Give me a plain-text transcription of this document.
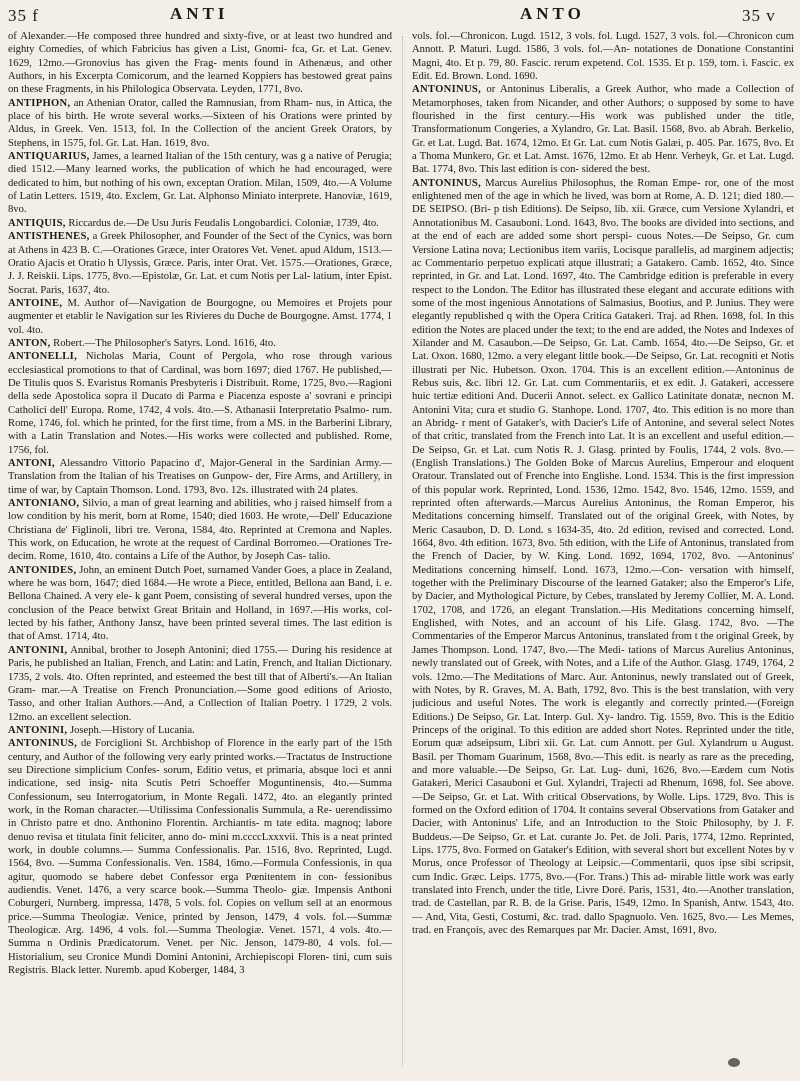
35 f	ANTI	ANTO	35 v

of Alexander.—He composed three hundred and sixty-five, or at least two hundred and eighty Comedies, of which Fabricius has given a List, Gnomi- fca, Gr. et Lat. Genev. 1629, 12mo.—Gronovius has given the Frag- ments found in Athenæus, and other Authors, in his Excerpta Comicorum, and the learned Koppiers has bestowed great pains on these Fragments, in his Philologica Observata. Leyden, 1771, 8vo.

ANTIPHON, an Athenian Orator, called the Ramnusian, from Rham- nus, in Attica, the place of his birth. He wrote several works.—Sixteen of his Orations were printed by Aldus, in Greek. Ven. 1513, fol. In the Collection of the ancient Greek Orators, by Stephens, in 1575, fol. Gr. Lat. Han. 1619, 8vo.

ANTIQUARIUS, James, a learned Italian of the 15th century, was g a native of Perugia; died 1512.—Many learned works, the publication of which he had encouraged, were dedicated to him, but nothing of his own, exceptan Oration. Milan, 1509, 4to.—A Volume of Latin Letters. 1519, 4to. Exclem, Gr. Lat. Alphonso Miniato interprete. Hanoviæ, 1619, 8vo.

ANTIQUIS, Riccardus de.—De Usu Juris Feudalis Longobardici. Coloniæ, 1739, 4to.

ANTISTHENES, a Greek Philosopher, and Founder of the Sect of the Cynics, was born at Athens in 423 B. C.—Orationes Græce, inter Oratores Vet. Venet. apud Aldum, 1513.—Oratio Ajacis et Oratio h Ulyssis, Græce. Paris, inter Orat. Vet. 1575.—Orationes, Græce, J. J. Reiskii. Lips. 1775, 8vo.—Epistolæ, Gr. Lat. et cum Notis per Lal- latium, inter Epist. Socrat. Paris, 1637, 4to.

ANTOINE, M. Author of—Navigation de Bourgogne, ou Memoires et Projets pour augmenter et etablir le Navigation sur les Rivieres du Duche de Bourgogne. Amst. 1774, 1 vol. 4to.

ANTON, Robert.—The Philosopher's Satyrs. Lond. 1616, 4to.

ANTONELLI, Nicholas Maria, Count of Pergola, who rose through various ecclesiastical promotions to that of Cardinal, was born 1697; died 1767. He published,—De Titulis quos S. Evaristus Romanis Presbyteris i Distribuit. Rome, 1725, 8vo.—Ragioni della sede Apostolica sopra il Ducato di Parma e Piacenza esposte a' sovrani e principi Catholici dell' Europa. Rome, 1742, 4 vols. 4to.—S. Athanasii Interpretatio Psalmo- rum. Rome, 1746, fol. which he printed, for the first time, from a MS. in the Barberini Library, with a Latin Translation and Notes.—His works were collected and published. Rome, 1756, fol.

ANTONI, Alessandro Vittorio Papacino d', Major-General in the Sardinian Army.—Translation from the Italian of his Treatises on Gunpow- der, Fire Arms, and Artillery, in time of war, by Captain Thomson. Lond. 1793, 8vo. 12s. illustrated with 24 plates.

ANTONIANO, Silvio, a man of great learning and abilities, who j raised himself from a low condition by his merit, born at Rome, 1540; died 1603. He wrote,—Dell' Educazione Christiana de' Figlinoli, libri tre. Verona, 1584, 4to. Reprinted at Cremona and Naples. This work, on Education, he wrote at the request of Cardinal Borromeo.—Orationes Tre- decim. Rome, 1610, 4to. contains a Life of the Author, by Joseph Cas- talio.

ANTONIDES, John, an eminent Dutch Poet, surnamed Vander Goes, a place in Zealand, where he was born, 1647; died 1684.—He wrote a Piece, entitled, Bellona aan Band, i. e. Bellona Chained. A very ele- k gant Poem, consisting of several hundred verses, upon the conclusion of the Peace betwixt Great Britain and Holland, in 1697.—His works, col- lected by his father, Anthony Jansz, have been printed several times. The last edition is that of Amst. 1714, 4to.

ANTONINI, Annibal, brother to Joseph Antonini; died 1755.— During his residence at Paris, he published an Italian, French, and Latin: and Latin, French, and Italian Dictionary. 1735, 2 vols. 4to. Often reprinted, and esteemed the best till that of Alberti's.—An Italian Gram- mar.—A Treatise on French Pronunciation.—Some good editions of Ariosto, Tasso, and other Italian Authors.—And, a Collection of Italian Poetry. l 1729, 2 vols. 12mo. an excellent selection.

ANTONINI, Joseph.—History of Lucania.

ANTONINUS, de Forciglioni St. Archbishop of Florence in the early part of the 15th century, and Author of the following very early printed works.—Tractatus de Instructione seu Directione simplicium Confes- sorum, Editio vetus, et primaria, absque loci et anni indicatione, sed insig- nita Scutis Petri Schoeffer Moguntinensis, 4to.—Summa Confessionum, seu Interrogatorium, in Monte Regali. 1472, 4to. an elegantly printed work, in the Roman character.—Utilissima Confessionalis Summula, a Re- uerendissimo in Christo patre et dno. Anthonino Florentin. Archiantis- m tate edita. magnoq; labore denuo revisa et titulata finit feliciter, anno do- mini m.ccccLxxxvii. This is a neat printed work, in double columns.— Summa Confessionalis. Par. 1516, 8vo. Reprinted, Lugd. 1564, 8vo. —Summa Confessionalis. Ven. 1584, 16mo.—Formula Confessionis, in qua agitur, quomodo se habere debet Confessor erga Pœnitentem in con- fessionibus audiendis. Venet. 1476, a very scarce book.—Summa Theolo- giæ. Impensis Anthoni Coburgeri, Nurnberg. impressa, 1478, 5 vols. fol. Copies on vellum sell at an enormous price.—Summa Theologiæ. Venice, printed by Jenson, 1479, 4 vols. fol.—Summæ Theologicæ. Arg. 1496, 4 vols. fol.—Summa Theologiæ. Venet. 1571, 4 vols. 4to.—Summa n Ordinis Prædicatorum. Venet. per Nic. Jenson, 1479-80, 4 vols. fol.— Historialium, seu Cronice Mundi Domini Antonini, Archiepiscopi Floren- tini, cum suis Registris. Black letter. Nuremb. apud Koberger, 1484, 3

vols. fol.—Chronicon. Lugd. 1512, 3 vols. fol. Lugd. 1527, 3 vols. fol.—Chronicon cum Annott. P. Maturi. Lugd. 1586, 3 vols. fol.—An- notationes de Donatione Constantini Magni, 4to. Et p. 79, 80. Fascic. rerum expetend. Col. 1535. Et p. 159, tom. i. Fascic. ex Edit. Ed. Brown. Lond. 1690.

ANTONINUS, or Antoninus Liberalis, a Greek Author, who made a Collection of Metamorphoses, taken from Nicander, and other Authors; o supposed by some to have flourished in the first century.—His work was published under the title, Transformationum Congeries, a Xylandro, Gr. Lat. Basil. 1568, 8vo. ab Abrah. Berkelio, Gr. et Lat. Lugd. Bat. 1674, 12mo. Et Gr. Lat. cum Notis Galæi, p. 405. Par. 1675, 8vo. Et a Thoma Munkero, Gr. et Lat. Amst. 1676, 12mo. Et ab Henr. Verheyk, Gr. et Lat. Lugd. Bat. 1774, 8vo. This last edition is con- sidered the best.

ANTONINUS, Marcus Aurelius Philosophus, the Roman Empe- ror, one of the most enlightened men of the age in which he lived, was born at Rome, A. D. 121; died 180.—DE SEIPSO. (Bri- p tish Editions). De Seipso, lib. xii. Græce, cum Versione Xylandri, et Annotationibus M. Casauboni. Lond. 1643, 8vo. The books are divided into sections, and at the end of each are added some short perspi- cuous Notes.—De Seipso, Gr. cum Versione Latina nova; Lectionibus item variis, Locisque parallelis, ad marginem adjectis; ac Commentario perpetuo explicati atque illustrati; a Gatakero. Camb. 1652, 4to. Since reprinted, in Gr. and Lat. Lond. 1697, 4to. The Cambridge edition is preferable in every respect to the London. The Editor has illustrated these elegant and accurate editions with some of the most ingenious Annotations of Salmasius, Bootius, and P. Junius. They were elegantly republished q with the Opera Critica Gatakeri. Traj. ad Rhen. 1698, fol. In this edition the Notes are placed under the text; to the end are added, the Notes and Indexes of Xilander and M. Casaubon.—De Seipso, Gr. Lat. Camb. 1654, 4to.—De Seipso, Gr. et Lat. Oxon. 1680, 12mo. a very elegant little book.—De Seipso, Gr. Lat. recogniti et Notis illustrati per Nic. Hubetson. Oxon. 1704. This is an excellent edition.—Antoninus de Rebus suis, &c. libri 12. Gr. Lat. cum Commentariis, et ex edit. J. Gatakeri, accessere huic tertiæ editioni And. Ducerii Annot. select. ex Gallico Latinitate donatæ, necnon M. Antonini Vita; cura et studio G. Stanhope. Lond. 1707, 4to. This edition is no more than an Abridg- r ment of Gataker's, with Dacier's Life of Antonine, and several select Notes of that critic, translated from the French into Lat. It is an excellent and useful edition.—De Seipso, Gr. et Lat. cum Notis R. J. Glasg. printed by Foulis, 1744, 2 vols. 8vo.—(English Translations.) The Golden Boke of Marcus Aurelius, Emperour and eloquent Oratour. Translated out of Frenche into Englishe. Lond. 1534. This is the first impression of this popular work. Reprinted, Lond. 1536, 12mo. 1542, 8vo. 1546, 12mo. 1559, and reprinted often afterwards.—Marcus Aurelius Antoninus, the Roman Emperor, his Meditations concerning himself. Translated out of the original Greek, with Notes, by Meric Casaubon, D. D. Lond. s 1634-35, 4to. 2d edition, revised and corrected. Lond. 1664, 8vo. 4th edition. 1673, 8vo. 5th edition, with the Life of Antoninus, translated from the French of Dacier, by W. King. Lond. 1692, 1694, 1702, 8vo. —Antoninus' Meditations concerning himself. Lond. 1673, 12mo.—Con- versation with himself, together with the Preliminary Discourse of the learned Gataker; also the Emperor's Life, by Dacier, and Mythological Picture, by Cebes, translated by Jeremy Collier, M. A. Lond. 1702, 1708, and 1726, an elegant Translation.—His Meditations concerning himself, Englished, with Notes, and an account of his Life. Glasg. 1742, 8vo. —The Commentaries of the Emperor Marcus Antoninus, translated from t the original Greek, by James Thompson. Lond. 1747, 8vo.—The Medi- tations of Marcus Aurelius Antoninus, newly translated out of Greek, with Notes, and a Life of the Author. Glasg. 1749, 1764, 2 vols. 12mo.—The Meditations of Marc. Aur. Antoninus, newly translated out of Greek, with Notes, by R. Graves, M. A. Bath, 1792, 8vo. This is the best translation, with very judicious and useful Notes. The work is elegantly and correctly printed.—(Foreign Editions.) De Seipso, Gr. Lat. Interp. Gul. Xy- landro. Tig. 1559, 8vo. This is the Editio Princeps of the original. To this edition are added short Notes. Reprinted under the title, Eorum quæ adseipsum, Libri xii. Gr. Lat. cum Annott. per Gul. Xylandrum u August. Basil. per Thomam Guarinum, 1568, 8vo.—This edit. is nearly as rare as the preceding, and more valuable.—De Seipso, Gr. Lat. Lug- duni, 1626, 8vo.—Eædem cum Notis Gatakeri, Merici Casauboni et Gul. Xylandri, Trajecti ad Rhenum, 1698, fol. See above.—De Seipso, Gr. et Lat. With critical Observations, by Wolle. Lips. 1729, 8vo. This is formed on the Oxford edition of 1704. It contains several Observations from Gataker and Dacier, with Antoninus' Life, and an Introduction to the Stoic Philosophy, by J. F. Buddeus.—De Seipso, Gr. et Lat. curante Jo. Pet. de Joli. Paris, 1774, 12mo. Reprinted, Lips. 1775, 8vo. Formed on Gataker's Edition, with several short but excellent Notes by v Morus, once Professor of Theology at Leipsic.—Commentarii, quos ipse sibi scripsit, cum Indic. Græc. Leips. 1775, 8vo.—(For. Trans.) This ad- mirable little work was early translated into French, under the title, Livre Doré. Paris, 1531, 4to.—Another translation, trad. de Castellan, par R. B. de la Grise. Paris, 1549, 12mo. In Spanish, Antw. 1543, 4to.— And, Vita, Gesti, Costumi, &c. trad. dallo Spagnuolo. Ven. 1625, 8vo.— Les Memes, trad. en François, avec des Remarques par Mr. Dacier. Amst, 1691, 8vo.
